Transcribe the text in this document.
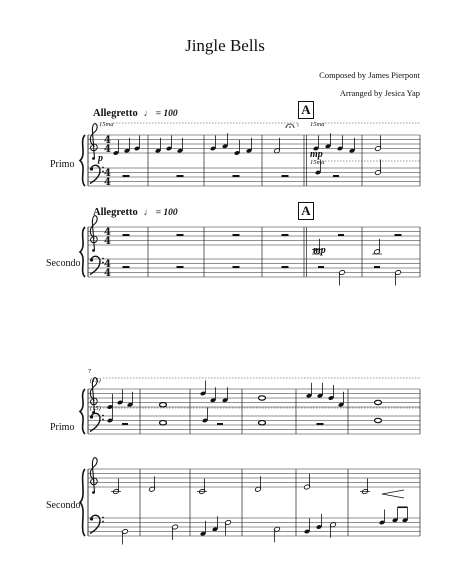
4
4
4
4
4
4
4
4
Jingle Bells
Composed by James Pierpont
Arranged by Jesica Yap
Allegretto ♩ = 100
Allegretto ♩ = 100
A
A
Primo
Secondo
Primo
Secondo
15ma	15ma
15ma
(15)
(15)
p	mp
mp
7
